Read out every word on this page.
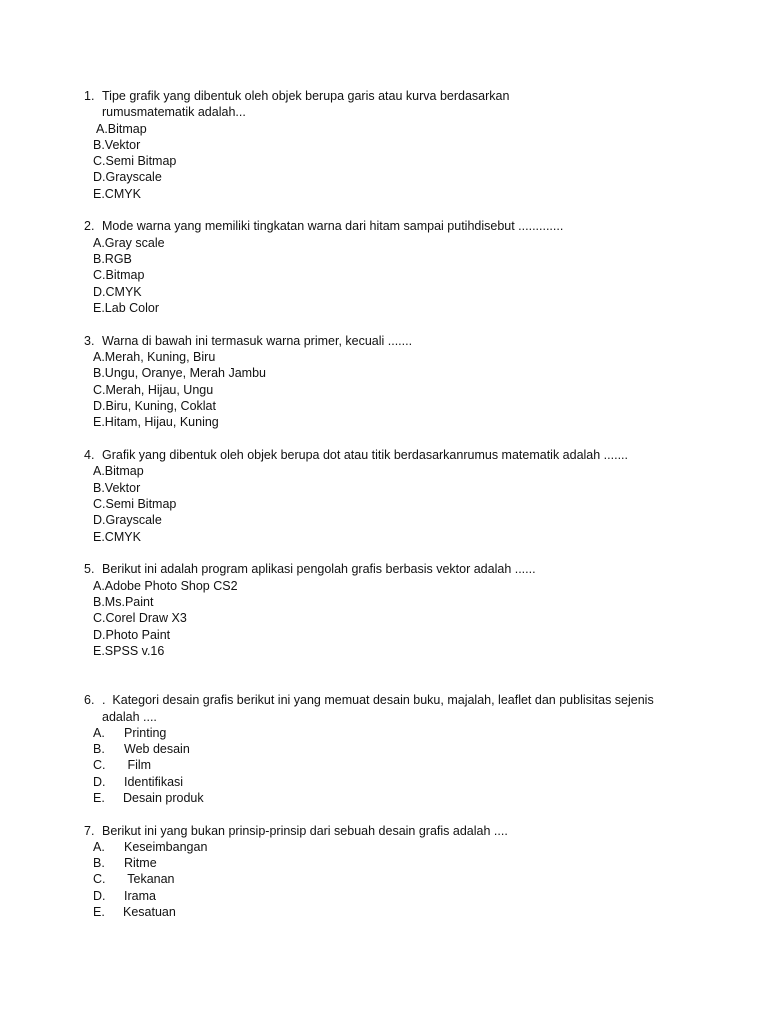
1. Tipe grafik yang dibentuk oleh objek berupa garis atau kurva berdasarkan
rumusmatematik adalah...
A.Bitmap
B.Vektor
C.Semi Bitmap
D.Grayscale
E.CMYK
2. Mode warna yang memiliki tingkatan warna dari hitam sampai putihdisebut .............
A.Gray scale
B.RGB
C.Bitmap
D.CMYK
E.Lab Color
3. Warna di bawah ini termasuk warna primer, kecuali .......
A.Merah, Kuning, Biru
B.Ungu, Oranye, Merah Jambu
C.Merah, Hijau, Ungu
D.Biru, Kuning, Coklat
E.Hitam, Hijau, Kuning
4. Grafik yang dibentuk oleh objek berupa dot atau titik berdasarkanrumus matematik adalah .......
A.Bitmap
B.Vektor
C.Semi Bitmap
D.Grayscale
E.CMYK
5. Berikut ini adalah program aplikasi pengolah grafis berbasis vektor adalah ......
A.Adobe Photo Shop CS2
B.Ms.Paint
C.Corel Draw X3
D.Photo Paint
E.SPSS v.16
6. .  Kategori desain grafis berikut ini yang memuat desain buku, majalah, leaflet dan publisitas sejenis
adalah ....
A. Printing
B. Web desain
C. Film
D. Identifikasi
E. Desain produk
7. Berikut ini yang bukan prinsip-prinsip dari sebuah desain grafis adalah ....
A. Keseimbangan
B. Ritme
C. Tekanan
D. Irama
E. Kesatuan
